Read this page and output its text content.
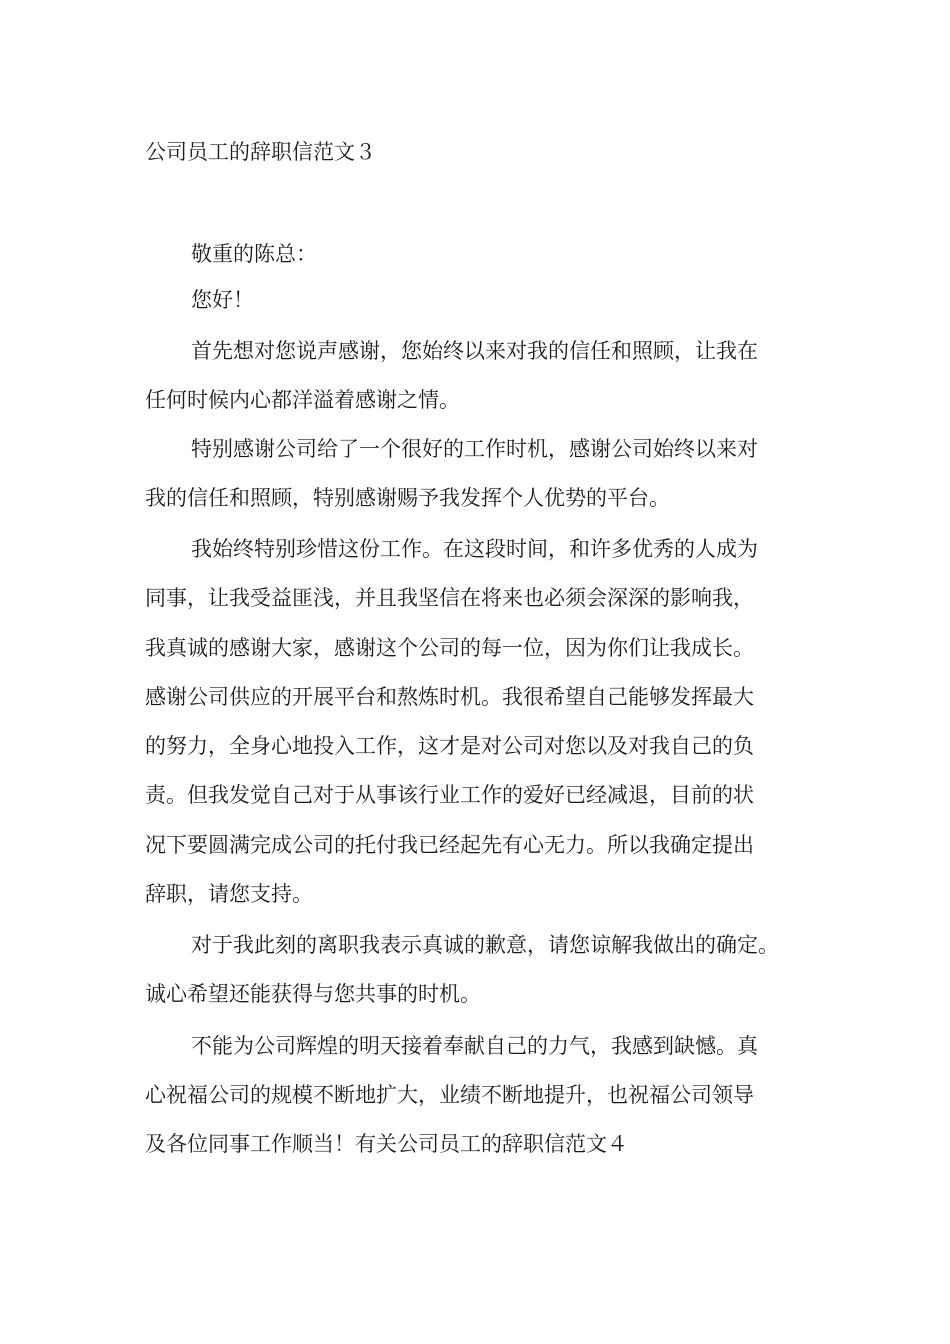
公司员工的辞职信范文３
敬重的陈总：
您好！
首先想对您说声感谢，您始终以来对我的信任和照顾，让我在
任何时候内心都洋溢着感谢之情。
特别感谢公司给了一个很好的工作时机，感谢公司始终以来对
我的信任和照顾，特别感谢赐予我发挥个人优势的平台。
我始终特别珍惜这份工作。在这段时间，和许多优秀的人成为
同事，让我受益匪浅，并且我坚信在将来也必须会深深的影响我，
我真诚的感谢大家，感谢这个公司的每一位，因为你们让我成长。
感谢公司供应的开展平台和熬炼时机。我很希望自己能够发挥最大
的努力，全身心地投入工作，这才是对公司对您以及对我自己的负
责。但我发觉自己对于从事该行业工作的爱好已经减退，目前的状
况下要圆满完成公司的托付我已经起先有心无力。所以我确定提出
辞职，请您支持。
对于我此刻的离职我表示真诚的歉意，请您谅解我做出的确定。
诚心希望还能获得与您共事的时机。
不能为公司辉煌的明天接着奉献自己的力气，我感到缺憾。真
心祝福公司的规模不断地扩大，业绩不断地提升，也祝福公司领导
及各位同事工作顺当！有关公司员工的辞职信范文４
